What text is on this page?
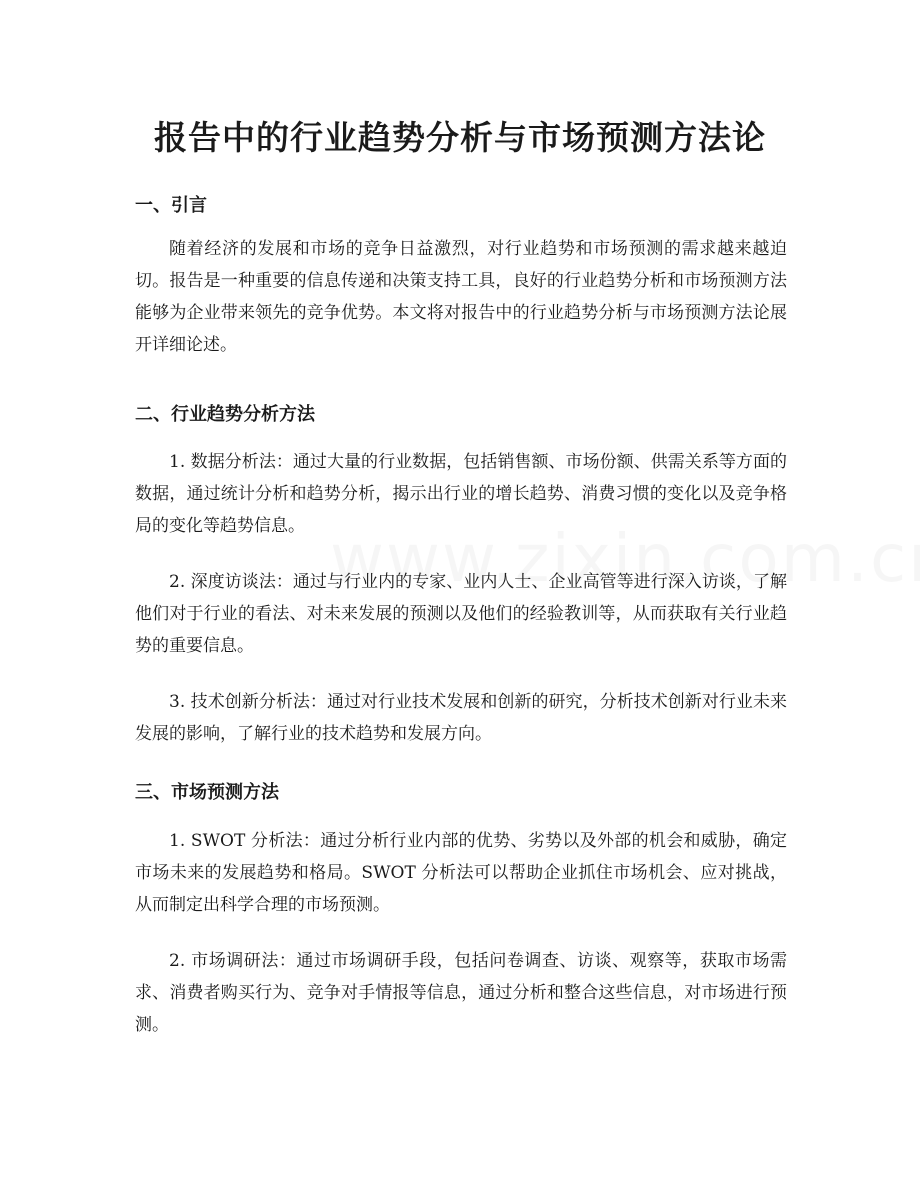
报告中的行业趋势分析与市场预测方法论
一、引言

随着经济的发展和市场的竞争日益激烈，对行业趋势和市场预测的需求越来越迫切。报告是一种重要的信息传递和决策支持工具，良好的行业趋势分析和市场预测方法能够为企业带来领先的竞争优势。本文将对报告中的行业趋势分析与市场预测方法论展开详细论述。

二、行业趋势分析方法

1. 数据分析法：通过大量的行业数据，包括销售额、市场份额、供需关系等方面的数据，通过统计分析和趋势分析，揭示出行业的增长趋势、消费习惯的变化以及竞争格局的变化等趋势信息。

2. 深度访谈法：通过与行业内的专家、业内人士、企业高管等进行深入访谈，了解他们对于行业的看法、对未来发展的预测以及他们的经验教训等，从而获取有关行业趋势的重要信息。

3. 技术创新分析法：通过对行业技术发展和创新的研究，分析技术创新对行业未来发展的影响，了解行业的技术趋势和发展方向。

三、市场预测方法

1. SWOT 分析法：通过分析行业内部的优势、劣势以及外部的机会和威胁，确定市场未来的发展趋势和格局。SWOT 分析法可以帮助企业抓住市场机会、应对挑战，从而制定出科学合理的市场预测。

2. 市场调研法：通过市场调研手段，包括问卷调查、访谈、观察等，获取市场需求、消费者购买行为、竞争对手情报等信息，通过分析和整合这些信息，对市场进行预测。
